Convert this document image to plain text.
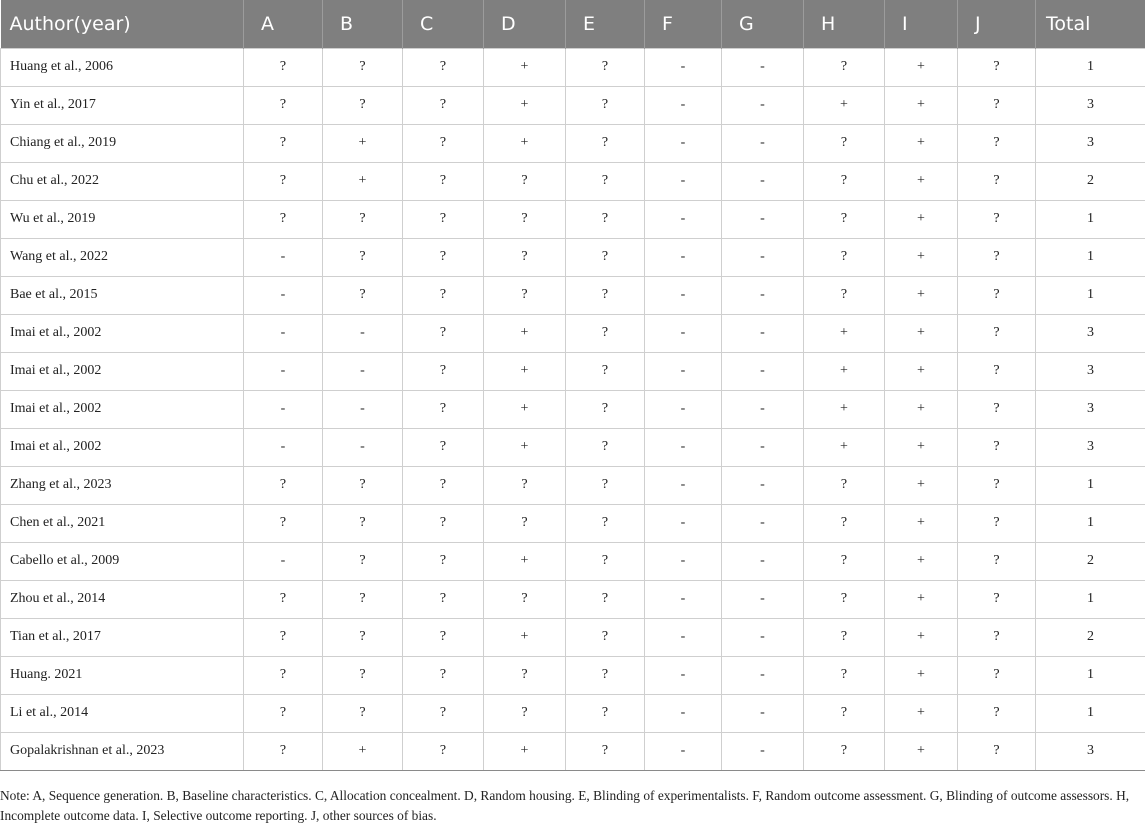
Author(year)	A	B	C	D	E	F	G	H	I	J	Total
Huang et al., 2006	?	?	?	+	?	-	-	?	+	?	1
Yin et al., 2017	?	?	?	+	?	-	-	+	+	?	3
Chiang et al., 2019	?	+	?	+	?	-	-	?	+	?	3
Chu et al., 2022	?	+	?	?	?	-	-	?	+	?	2
Wu et al., 2019	?	?	?	?	?	-	-	?	+	?	1
Wang et al., 2022	-	?	?	?	?	-	-	?	+	?	1
Bae et al., 2015	-	?	?	?	?	-	-	?	+	?	1
Imai et al., 2002	-	-	?	+	?	-	-	+	+	?	3
Imai et al., 2002	-	-	?	+	?	-	-	+	+	?	3
Imai et al., 2002	-	-	?	+	?	-	-	+	+	?	3
Imai et al., 2002	-	-	?	+	?	-	-	+	+	?	3
Zhang et al., 2023	?	?	?	?	?	-	-	?	+	?	1
Chen et al., 2021	?	?	?	?	?	-	-	?	+	?	1
Cabello et al., 2009	-	?	?	+	?	-	-	?	+	?	2
Zhou et al., 2014	?	?	?	?	?	-	-	?	+	?	1
Tian et al., 2017	?	?	?	+	?	-	-	?	+	?	2
Huang. 2021	?	?	?	?	?	-	-	?	+	?	1
Li et al., 2014	?	?	?	?	?	-	-	?	+	?	1
Gopalakrishnan et al., 2023	?	+	?	+	?	-	-	?	+	?	3
Note: A, Sequence generation. B, Baseline characteristics. C, Allocation concealment. D, Random housing. E, Blinding of experimentalists. F, Random outcome assessment. G, Blinding of outcome assessors. H, Incomplete outcome data. I, Selective outcome reporting. J, other sources of bias.
